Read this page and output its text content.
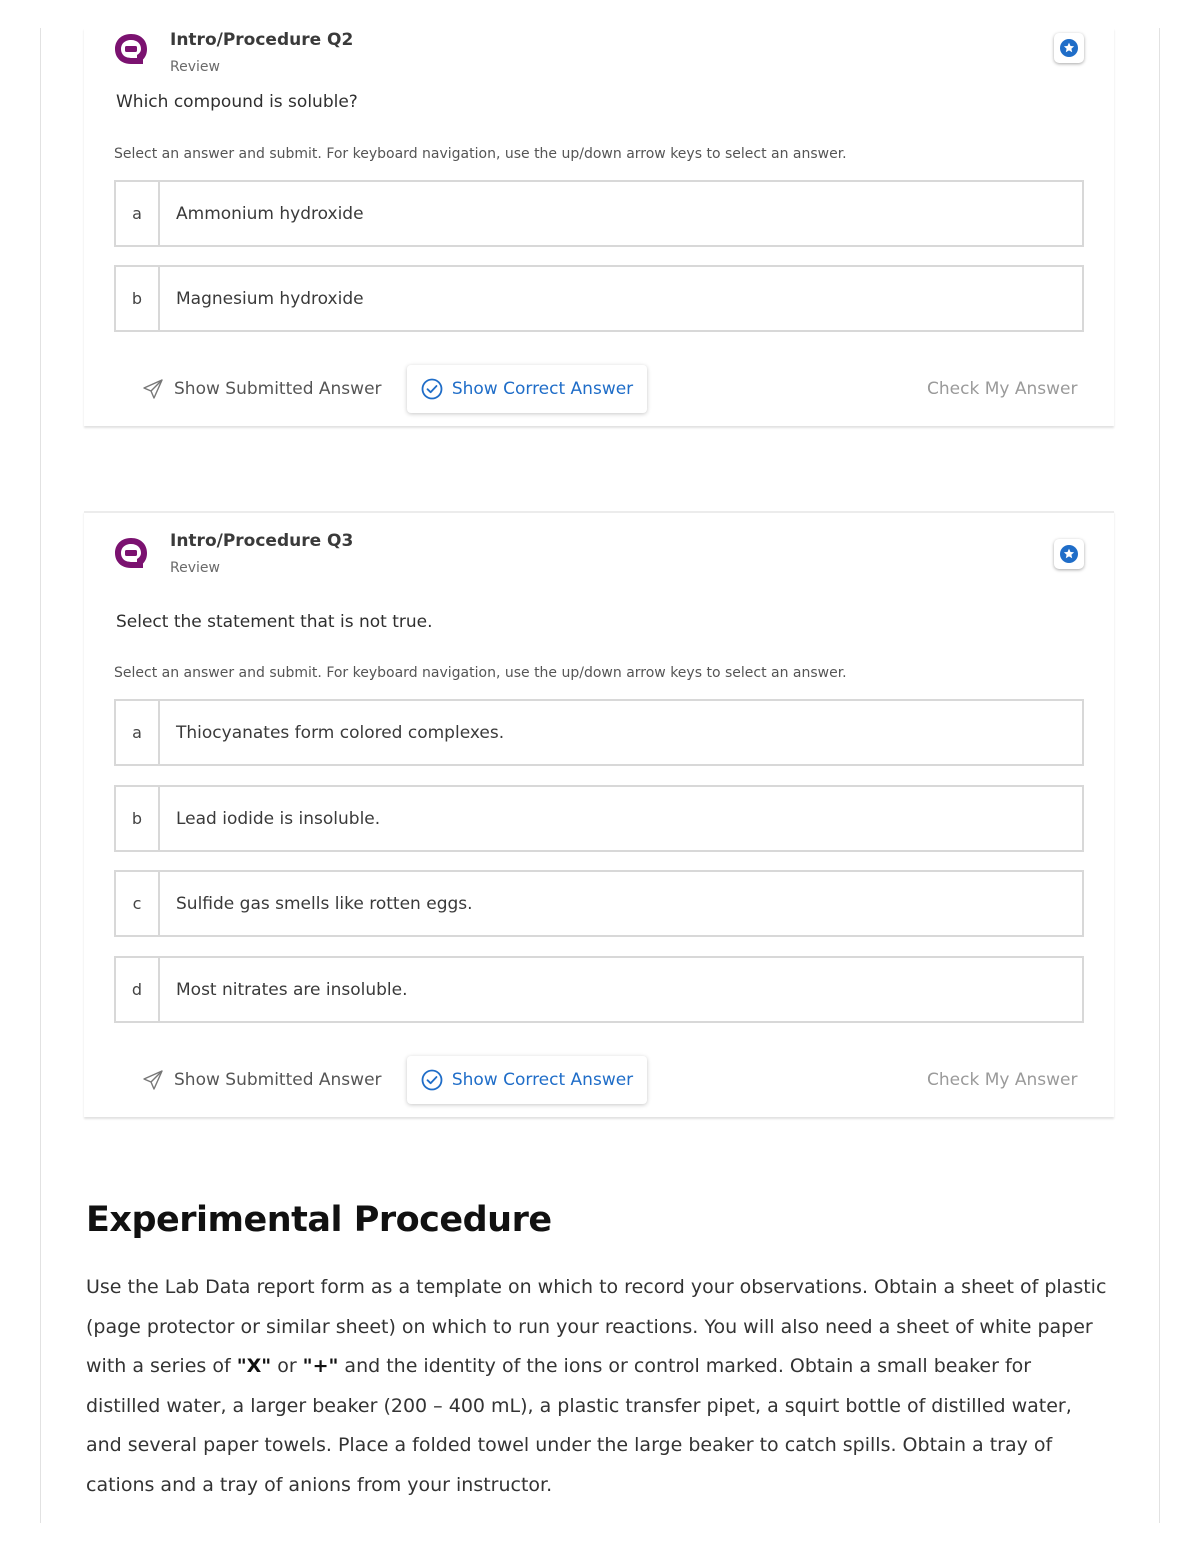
Intro/Procedure Q2
Review
Which compound is soluble?
Select an answer and submit. For keyboard navigation, use the up/down arrow keys to select an answer.
a	Ammonium hydroxide
b	Magnesium hydroxide
Show Submitted Answer	Show Correct Answer	Check My Answer
Intro/Procedure Q3
Review
Select the statement that is not true.
Select an answer and submit. For keyboard navigation, use the up/down arrow keys to select an answer.
a	Thiocyanates form colored complexes.
b	Lead iodide is insoluble.
c	Sulfide gas smells like rotten eggs.
d	Most nitrates are insoluble.
Show Submitted Answer	Show Correct Answer	Check My Answer
Experimental Procedure

Use the Lab Data report form as a template on which to record your observations. Obtain a sheet of plastic (page protector or similar sheet) on which to run your reactions. You will also need a sheet of white paper with a series of "X" or "+" and the identity of the ions or control marked. Obtain a small beaker for distilled water, a larger beaker (200 – 400 mL), a plastic transfer pipet, a squirt bottle of distilled water, and several paper towels. Place a folded towel under the large beaker to catch spills. Obtain a tray of cations and a tray of anions from your instructor.
